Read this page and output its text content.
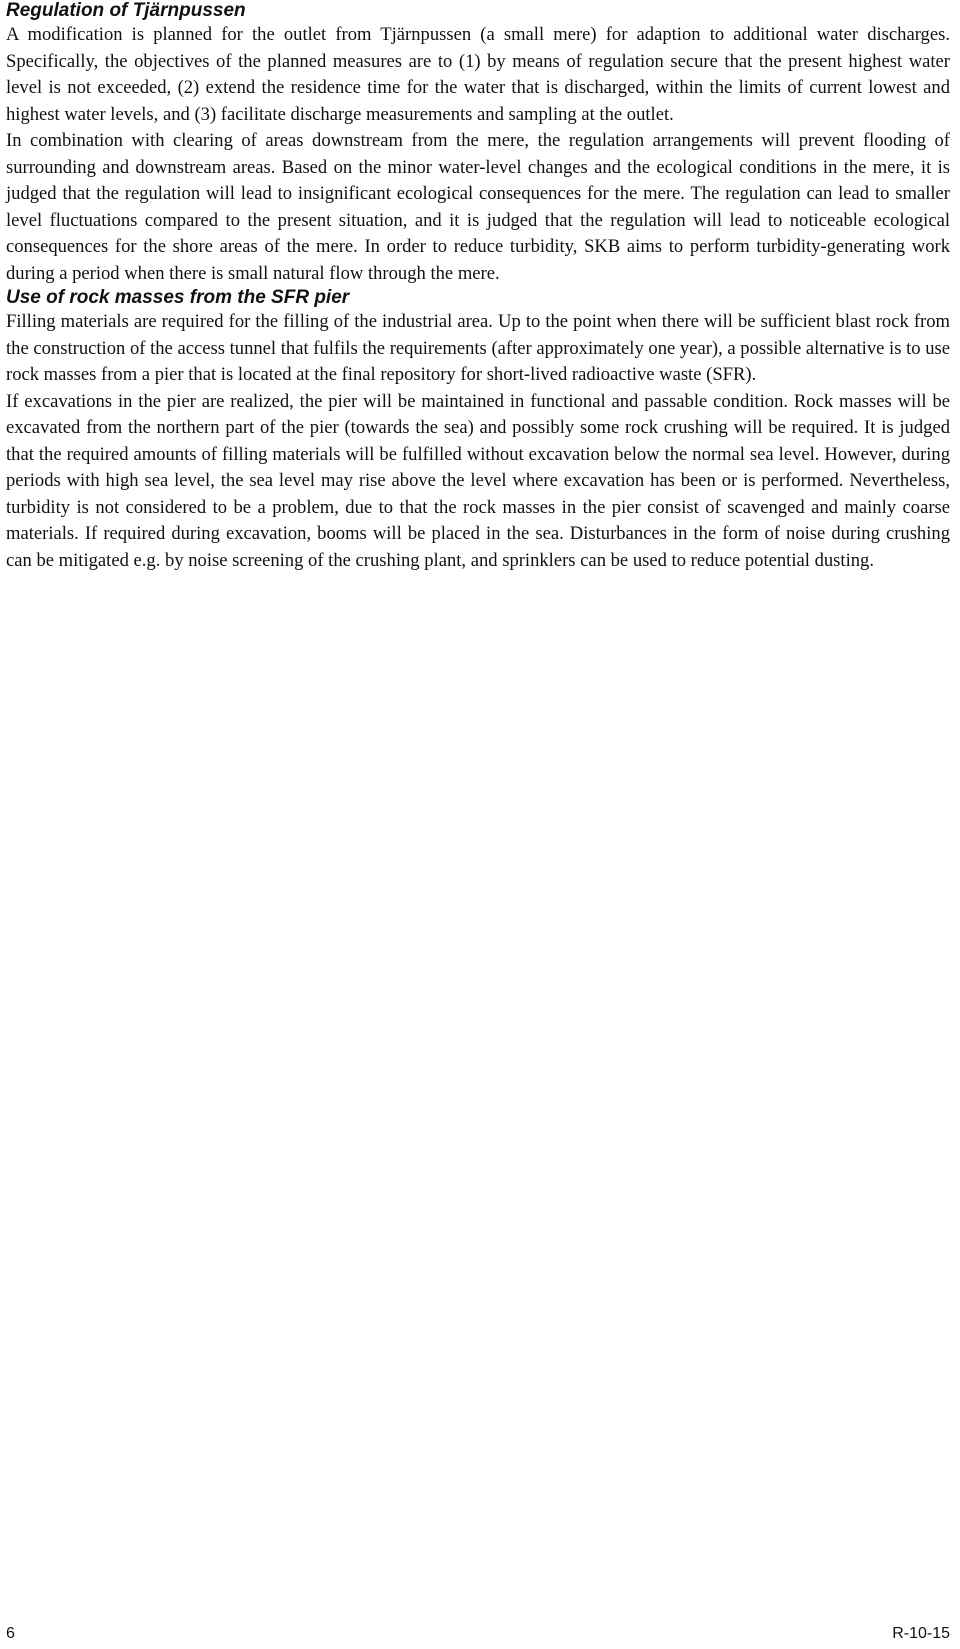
Regulation of Tjärnpussen

A modification is planned for the outlet from Tjärnpussen (a small mere) for adaption to additional water discharges. Specifically, the objectives of the planned measures are to (1) by means of regulation secure that the present highest water level is not exceeded, (2) extend the residence time for the water that is discharged, within the limits of current lowest and highest water levels, and (3) facilitate discharge measurements and sampling at the outlet.

In combination with clearing of areas downstream from the mere, the regulation arrangements will prevent flooding of surrounding and downstream areas. Based on the minor water-level changes and the ecological conditions in the mere, it is judged that the regulation will lead to insignificant ecological consequences for the mere. The regulation can lead to smaller level fluctuations compared to the present situation, and it is judged that the regulation will lead to noticeable ecological consequences for the shore areas of the mere. In order to reduce turbidity, SKB aims to perform turbidity-generating work during a period when there is small natural flow through the mere.

Use of rock masses from the SFR pier

Filling materials are required for the filling of the industrial area. Up to the point when there will be sufficient blast rock from the construction of the access tunnel that fulfils the requirements (after approximately one year), a possible alternative is to use rock masses from a pier that is located at the final repository for short-lived radioactive waste (SFR).

If excavations in the pier are realized, the pier will be maintained in functional and passable condition. Rock masses will be excavated from the northern part of the pier (towards the sea) and possibly some rock crushing will be required. It is judged that the required amounts of filling materials will be fulfilled without excavation below the normal sea level. However, during periods with high sea level, the sea level may rise above the level where excavation has been or is performed. Nevertheless, turbidity is not considered to be a problem, due to that the rock masses in the pier consist of scavenged and mainly coarse materials. If required during excavation, booms will be placed in the sea. Disturbances in the form of noise during crushing can be mitigated e.g. by noise screening of the crushing plant, and sprinklers can be used to reduce potential dusting.

6	R-10-15
